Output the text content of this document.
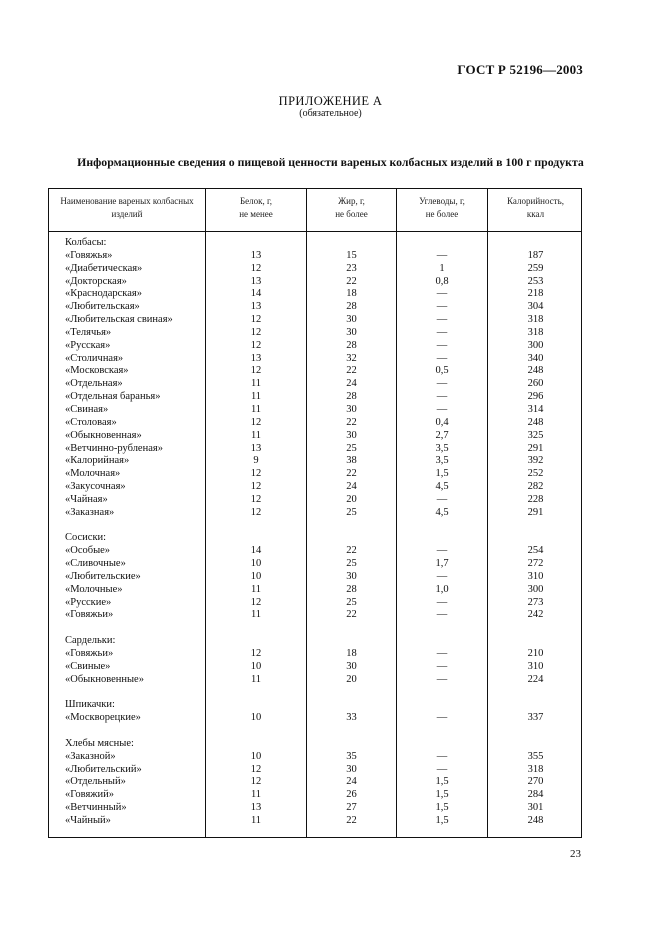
ГОСТ Р 52196—2003
ПРИЛОЖЕНИЕ А
(обязательное)
Информационные сведения о пищевой ценности вареных колбасных изделий в 100 г продукта
Наименование вареных колбасных
изделий
Белок, г,
не менее
Жир, г,
не более
Углеводы, г,
не более
Калорийность,
ккал
Колбасы:
«Говяжья»	13	15	—	187
«Диабетическая»	12	23	1	259
«Докторская»	13	22	0,8	253
«Краснодарская»	14	18	—	218
«Любительская»	13	28	—	304
«Любительская свиная»	12	30	—	318
«Телячья»	12	30	—	318
«Русская»	12	28	—	300
«Столичная»	13	32	—	340
«Московская»	12	22	0,5	248
«Отдельная»	11	24	—	260
«Отдельная баранья»	11	28	—	296
«Свиная»	11	30	—	314
«Столовая»	12	22	0,4	248
«Обыкновенная»	11	30	2,7	325
«Ветчинно-рубленая»	13	25	3,5	291
«Калорийная»	9	38	3,5	392
«Молочная»	12	22	1,5	252
«Закусочная»	12	24	4,5	282
«Чайная»	12	20	—	228
«Заказная»	12	25	4,5	291
Сосиски:
«Особые»	14	22	—	254
«Сливочные»	10	25	1,7	272
«Любительские»	10	30	—	310
«Молочные»	11	28	1,0	300
«Русские»	12	25	—	273
«Говяжьи»	11	22	—	242
Сардельки:
«Говяжьи»	12	18	—	210
«Свиные»	10	30	—	310
«Обыкновенные»	11	20	—	224
Шпикачки:
«Москворецкие»	10	33	—	337
Хлебы мясные:
«Заказной»	10	35	—	355
«Любительский»	12	30	—	318
«Отдельный»	12	24	1,5	270
«Говяжий»	11	26	1,5	284
«Ветчинный»	13	27	1,5	301
«Чайный»	11	22	1,5	248
23
